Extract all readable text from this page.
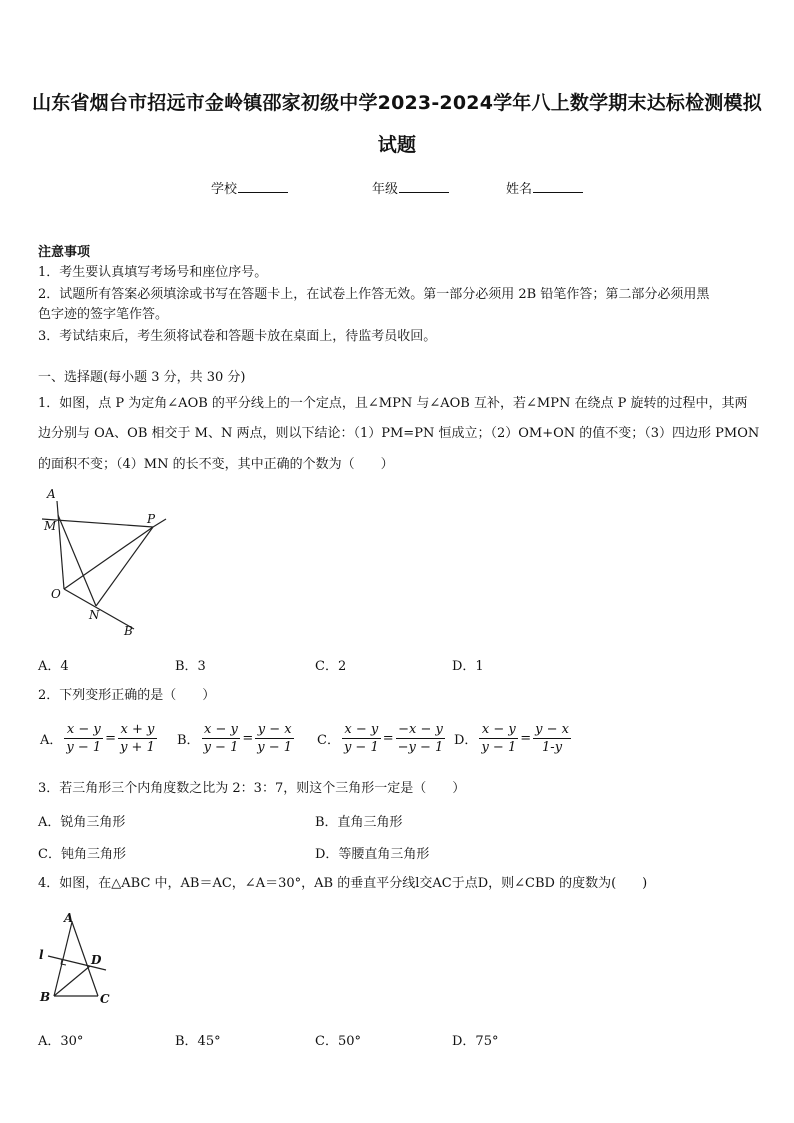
山东省烟台市招远市金岭镇邵家初级中学2023-2024学年八上数学期末达标检测模拟
试题
学校	年级	姓名
注意事项
1．考生要认真填写考场号和座位序号。
2．试题所有答案必须填涂或书写在答题卡上，在试卷上作答无效。第一部分必须用 2B 铅笔作答；第二部分必须用黑
色字迹的签字笔作答。
3．考试结束后，考生须将试卷和答题卡放在桌面上，待监考员收回。
一、选择题(每小题 3 分，共 30 分)
1．如图，点 P 为定角∠AOB 的平分线上的一个定点，且∠MPN 与∠AOB 互补，若∠MPN 在绕点 P 旋转的过程中，其两
边分别与 OA、OB 相交于 M、N 两点，则以下结论：（1）PM=PN 恒成立；（2）OM+ON 的值不变；（3）四边形 PMON
的面积不变；（4）MN 的长不变，其中正确的个数为（　　）
A
M	P
O
N
B
A．4	B．3	C．2	D．1
2．下列变形正确的是（　　）
A． $\frac{x - y}{y - 1} = \frac{x + y}{y + 1}$ B． $\frac{x - y}{y - 1} = \frac{y - x}{y - 1}$ C． $\frac{x - y}{y - 1} = \frac{-x - y}{-y - 1}$ D． $\frac{x - y}{y - 1} = \frac{y - x}{1-y}$
3．若三角形三个内角度数之比为 2：3：7，则这个三角形一定是（　　）
A．锐角三角形	B．直角三角形
C．钝角三角形	D．等腰直角三角形
4．如图，在△ABC 中，AB＝AC，∠A＝30°，AB 的垂直平分线l交AC于点D，则∠CBD 的度数为(　　)
A
l	D
B	C
A．30°	B．45°	C．50°	D．75°
